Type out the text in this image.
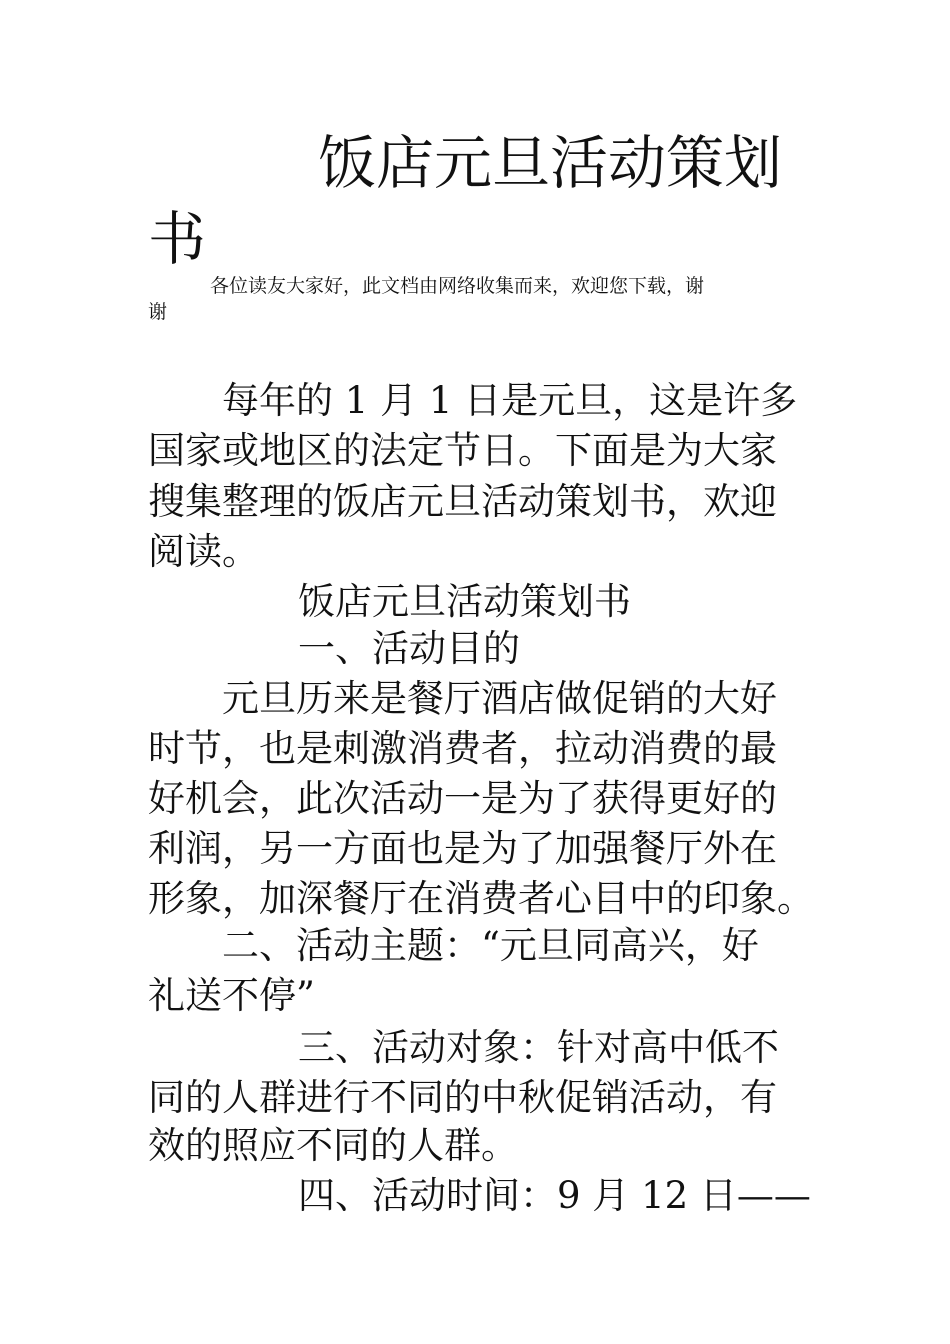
饭店元旦活动策划
书
各位读友大家好，此文档由网络收集而来，欢迎您下载，谢
谢
每年的 1 月 1 日是元旦，这是许多
国家或地区的法定节日。下面是为大家
搜集整理的饭店元旦活动策划书，欢迎
阅读。
饭店元旦活动策划书
一、活动目的
元旦历来是餐厅酒店做促销的大好
时节，也是刺激消费者，拉动消费的最
好机会，此次活动一是为了获得更好的
利润，另一方面也是为了加强餐厅外在
形象，加深餐厅在消费者心目中的印象。
二、活动主题：“元旦同高兴，好
礼送不停”
三、活动对象：针对高中低不
同的人群进行不同的中秋促销活动，有
效的照应不同的人群。
四、活动时间：9 月 12 日——
